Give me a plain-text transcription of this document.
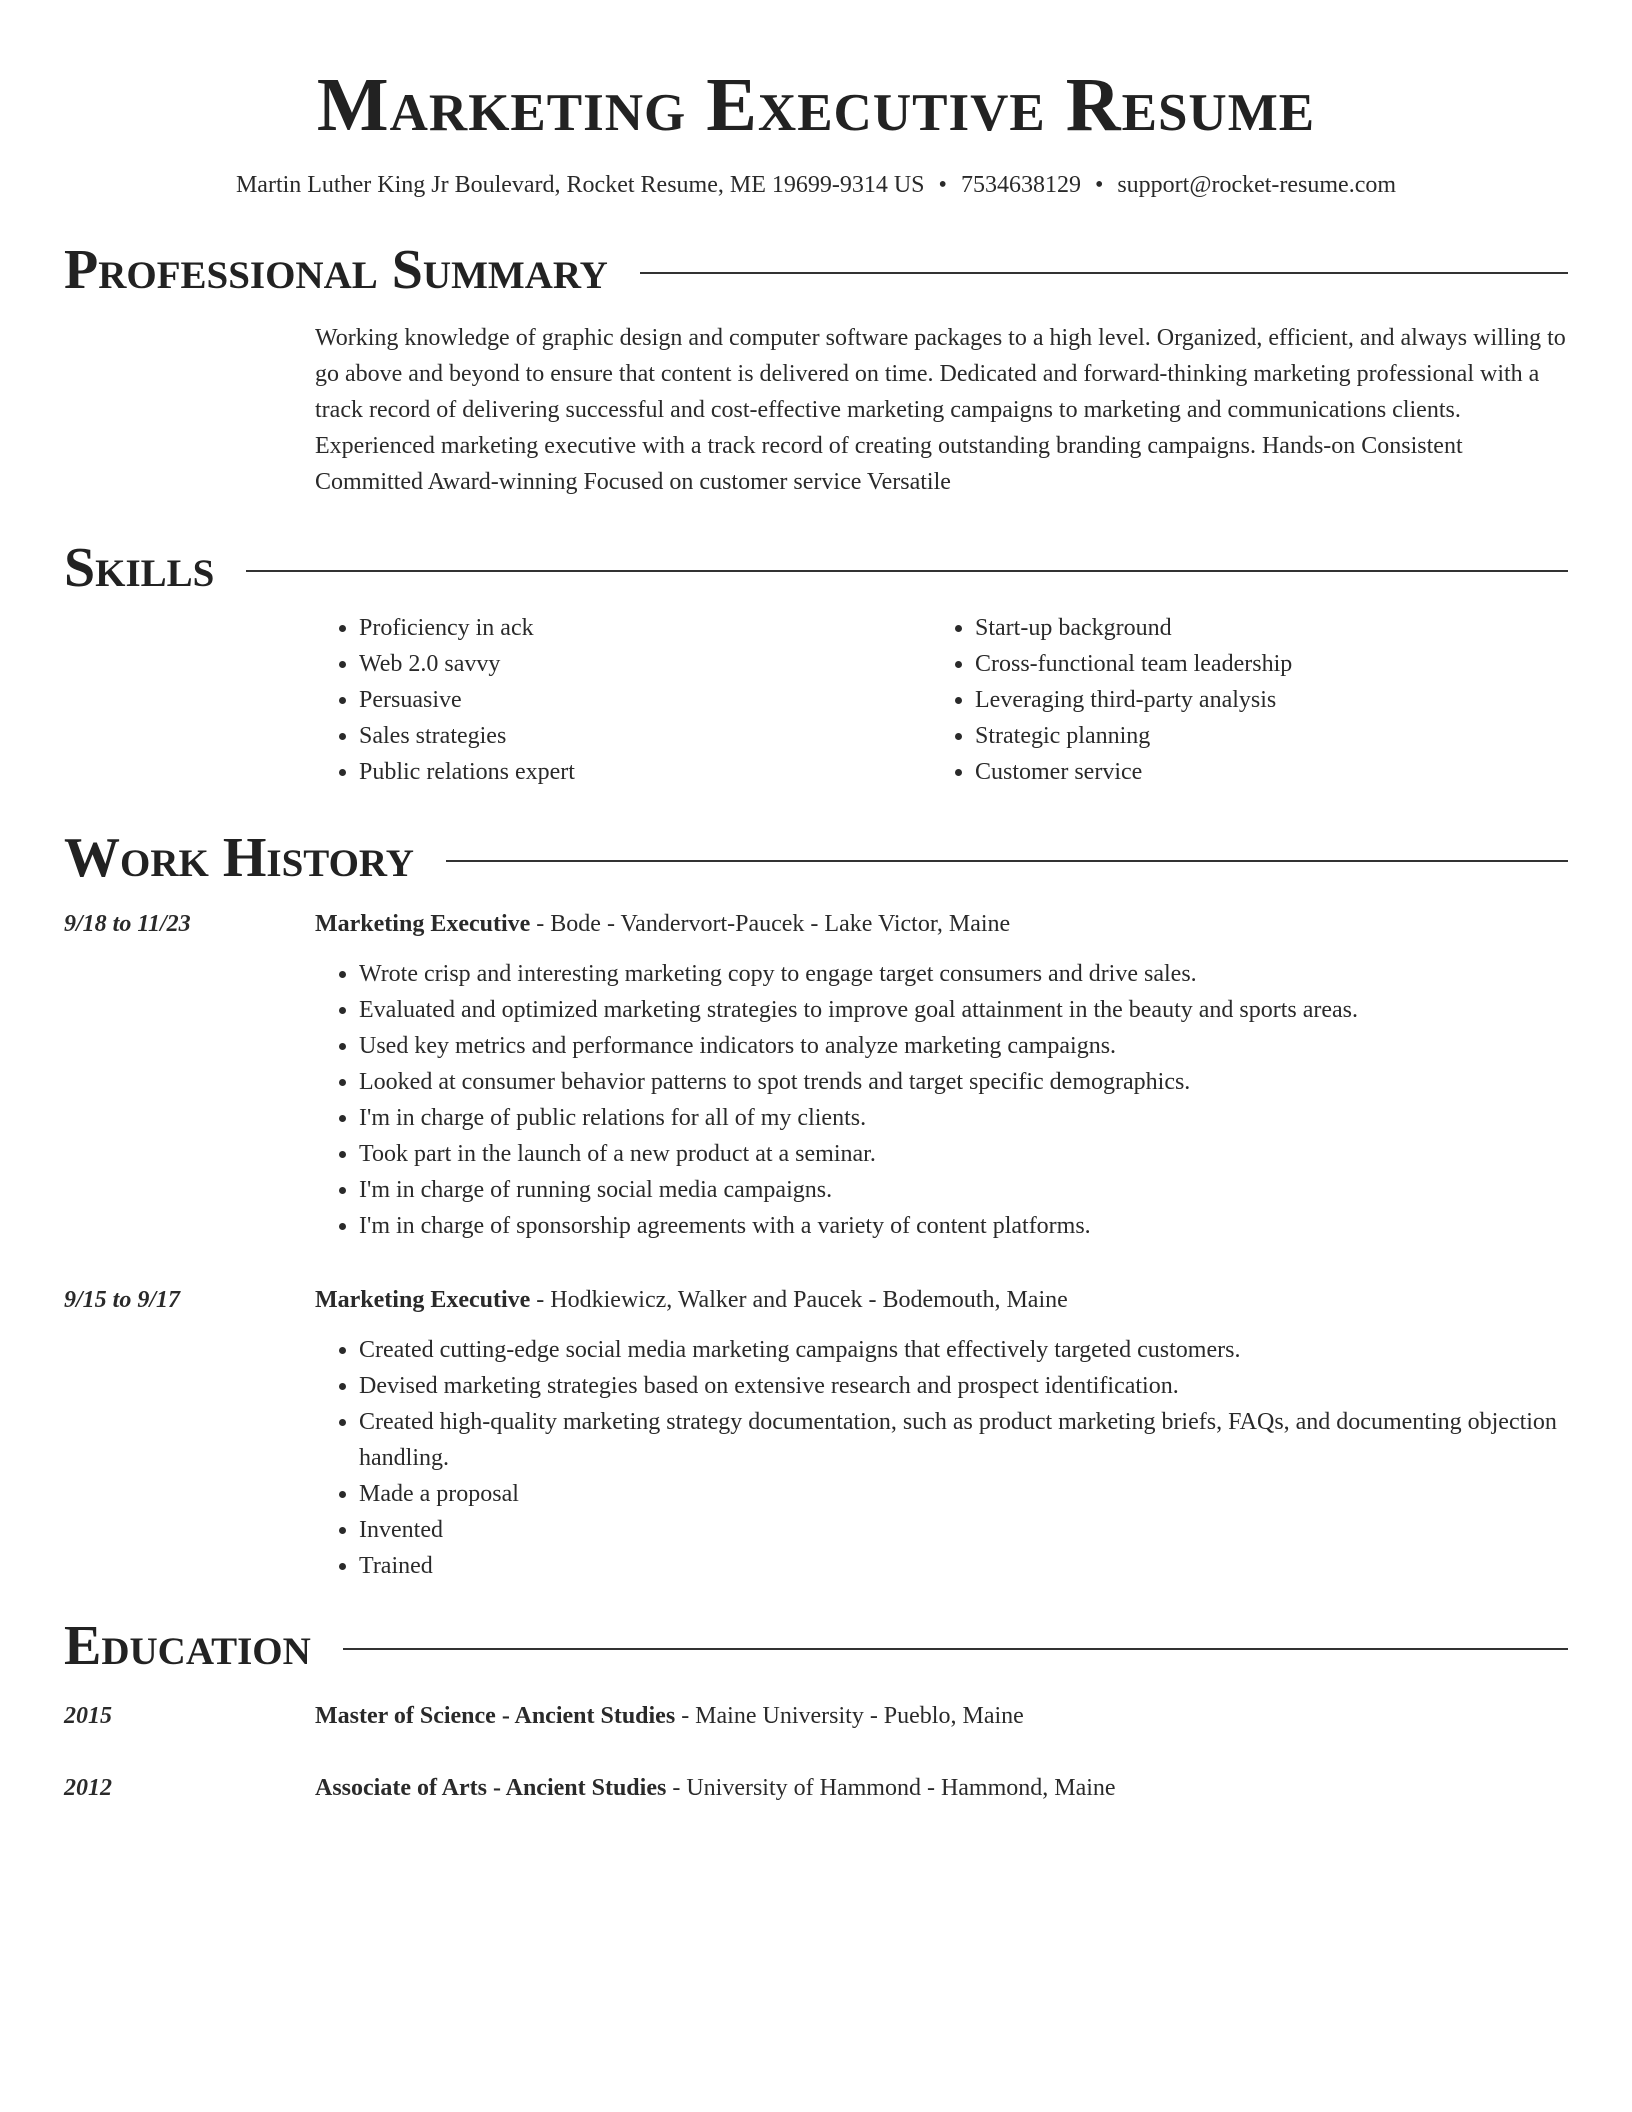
Marketing Executive Resume
Martin Luther King Jr Boulevard, Rocket Resume, ME 19699-9314 US • 7534638129 • support@rocket-resume.com
Professional Summary

Working knowledge of graphic design and computer software packages to a high level. Organized, efficient, and always willing to go above and beyond to ensure that content is delivered on time. Dedicated and forward-thinking marketing professional with a track record of delivering successful and cost-effective marketing campaigns to marketing and communications clients. Experienced marketing executive with a track record of creating outstanding branding campaigns. Hands-on Consistent Committed Award-winning Focused on customer service Versatile

Skills
• Proficiency in ack
• Web 2.0 savvy
• Persuasive
• Sales strategies
• Public relations expert
• Start-up background
• Cross-functional team leadership
• Leveraging third-party analysis
• Strategic planning
• Customer service
Work History
9/18 to 11/23	Marketing Executive - Bode - Vandervort-Paucek - Lake Victor, Maine
• Wrote crisp and interesting marketing copy to engage target consumers and drive sales.
• Evaluated and optimized marketing strategies to improve goal attainment in the beauty and sports areas.
• Used key metrics and performance indicators to analyze marketing campaigns.
• Looked at consumer behavior patterns to spot trends and target specific demographics.
• I'm in charge of public relations for all of my clients.
• Took part in the launch of a new product at a seminar.
• I'm in charge of running social media campaigns.
• I'm in charge of sponsorship agreements with a variety of content platforms.
9/15 to 9/17	Marketing Executive - Hodkiewicz, Walker and Paucek - Bodemouth, Maine
• Created cutting-edge social media marketing campaigns that effectively targeted customers.
• Devised marketing strategies based on extensive research and prospect identification.
• Created high-quality marketing strategy documentation, such as product marketing briefs, FAQs, and documenting objection handling.
• Made a proposal
• Invented
• Trained
Education
2015	Master of Science - Ancient Studies - Maine University - Pueblo, Maine
2012	Associate of Arts - Ancient Studies - University of Hammond - Hammond, Maine
